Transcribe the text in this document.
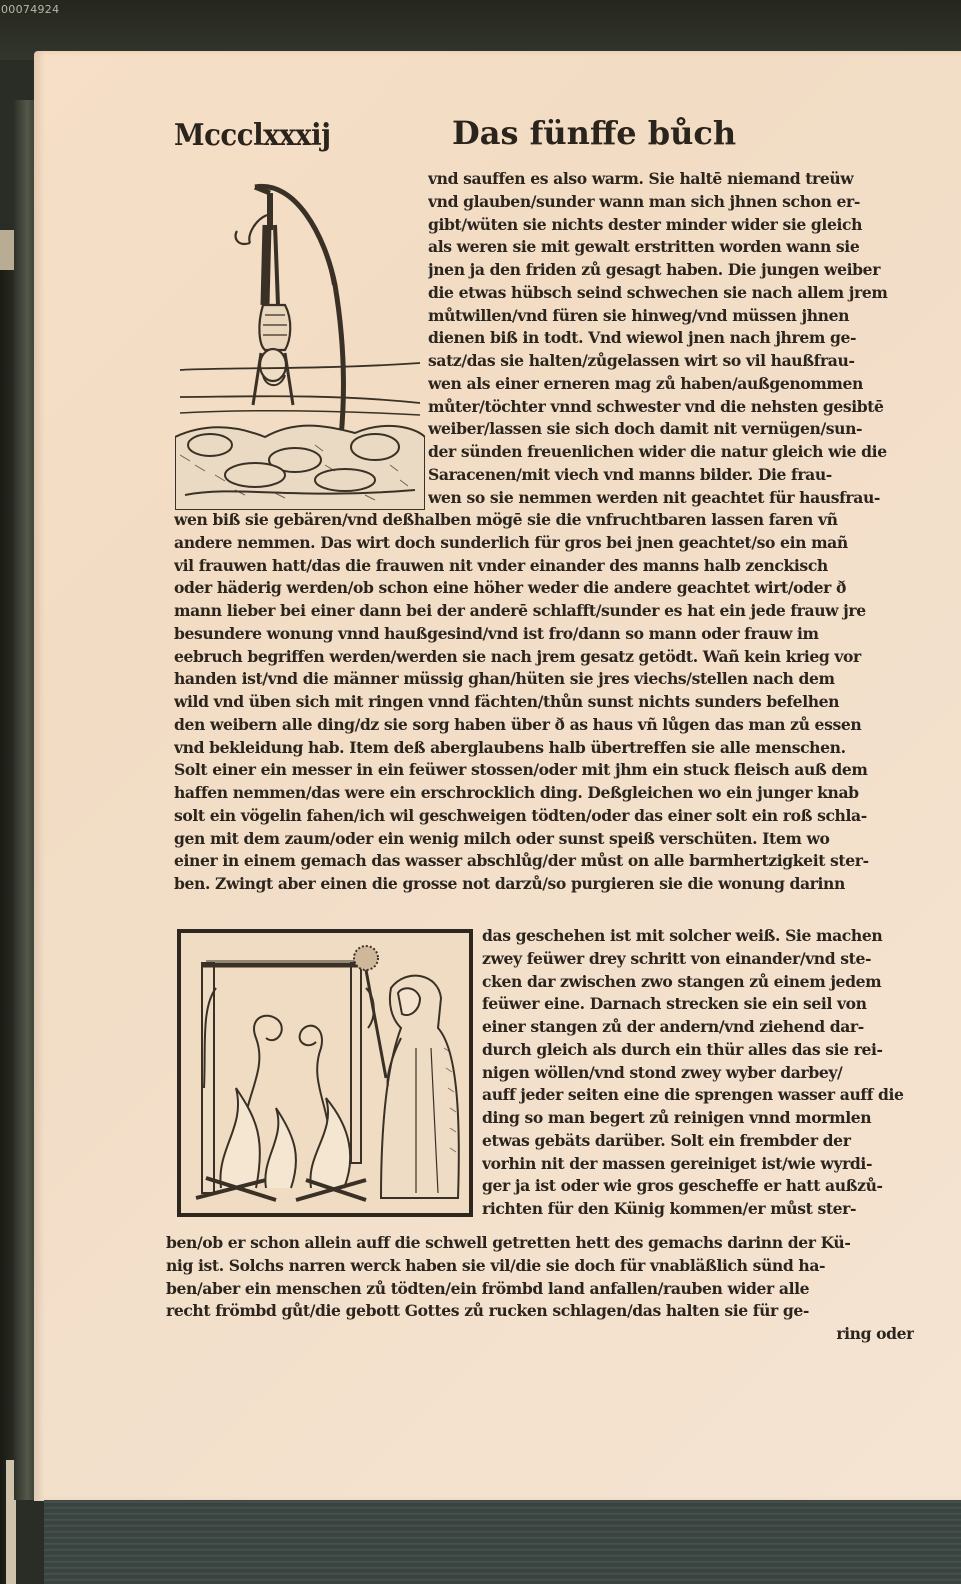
00074924
Mccclxxxij	Das fünffe bůch
vnd sauffen es also warm. Sie haltē niemand treüw
vnd glauben/sunder wann man sich jhnen schon er-
gibt/wüten sie nichts dester minder wider sie gleich
als weren sie mit gewalt erstritten worden wann sie
jnen ja den friden zů gesagt haben. Die jungen weiber
die etwas hübsch seind schwechen sie nach allem jrem
můtwillen/vnd füren sie hinweg/vnd müssen jhnen
dienen biß in todt. Vnd wiewol jnen nach jhrem ge-
satz/das sie halten/zůgelassen wirt so vil haußfrau-
wen als einer erneren mag zů haben/außgenommen
můter/töchter vnnd schwester vnd die nehsten gesibtē
weiber/lassen sie sich doch damit nit vernügen/sun-
der sünden freuenlichen wider die natur gleich wie die
Saracenen/mit viech vnd manns bilder. Die frau-
wen so sie nemmen werden nit geachtet für hausfrau-
wen biß sie gebären/vnd deßhalben mögē sie die vnfruchtbaren lassen faren vñ
andere nemmen. Das wirt doch sunderlich für gros bei jnen geachtet/so ein mañ
vil frauwen hatt/das die frauwen nit vnder einander des manns halb zenckisch
oder häderig werden/ob schon eine höher weder die andere geachtet wirt/oder ð
mann lieber bei einer dann bei der anderē schlafft/sunder es hat ein jede frauw jre
besundere wonung vnnd haußgesind/vnd ist fro/dann so mann oder frauw im
eebruch begriffen werden/werden sie nach jrem gesatz getödt. Wañ kein krieg vor
handen ist/vnd die männer müssig ghan/hüten sie jres viechs/stellen nach dem
wild vnd üben sich mit ringen vnnd fächten/thůn sunst nichts sunders befelhen
den weibern alle ding/dz sie sorg haben über ð as haus vñ lůgen das man zů essen
vnd bekleidung hab. Item deß aberglaubens halb übertreffen sie alle menschen.
Solt einer ein messer in ein feüwer stossen/oder mit jhm ein stuck fleisch auß dem
haffen nemmen/das were ein erschrocklich ding. Deßgleichen wo ein junger knab
solt ein vögelin fahen/ich wil geschweigen tödten/oder das einer solt ein roß schla-
gen mit dem zaum/oder ein wenig milch oder sunst speiß verschüten. Item wo
einer in einem gemach das wasser abschlůg/der můst on alle barmhertzigkeit ster-
ben. Zwingt aber einen die grosse not darzů/so purgieren sie die wonung darinn
das geschehen ist mit solcher weiß. Sie machen
zwey feüwer drey schritt von einander/vnd ste-
cken dar zwischen zwo stangen zů einem jedem
feüwer eine. Darnach strecken sie ein seil von
einer stangen zů der andern/vnd ziehend dar-
durch gleich als durch ein thür alles das sie rei-
nigen wöllen/vnd stond zwey wyber darbey/
auff jeder seiten eine die sprengen wasser auff die
ding so man begert zů reinigen vnnd mormlen
etwas gebäts darüber. Solt ein frembder der
vorhin nit der massen gereiniget ist/wie wyrdi-
ger ja ist oder wie gros gescheffe er hatt außzů-
richten für den Künig kommen/er můst ster-
ben/ob er schon allein auff die schwell getretten hett des gemachs darinn der Kü-
nig ist. Solchs narren werck haben sie vil/die sie doch für vnabläßlich sünd ha-
ben/aber ein menschen zů tödten/ein frömbd land anfallen/rauben wider alle
recht frömbd gůt/die gebott Gottes zů rucken schlagen/das halten sie für ge-
ring oder
